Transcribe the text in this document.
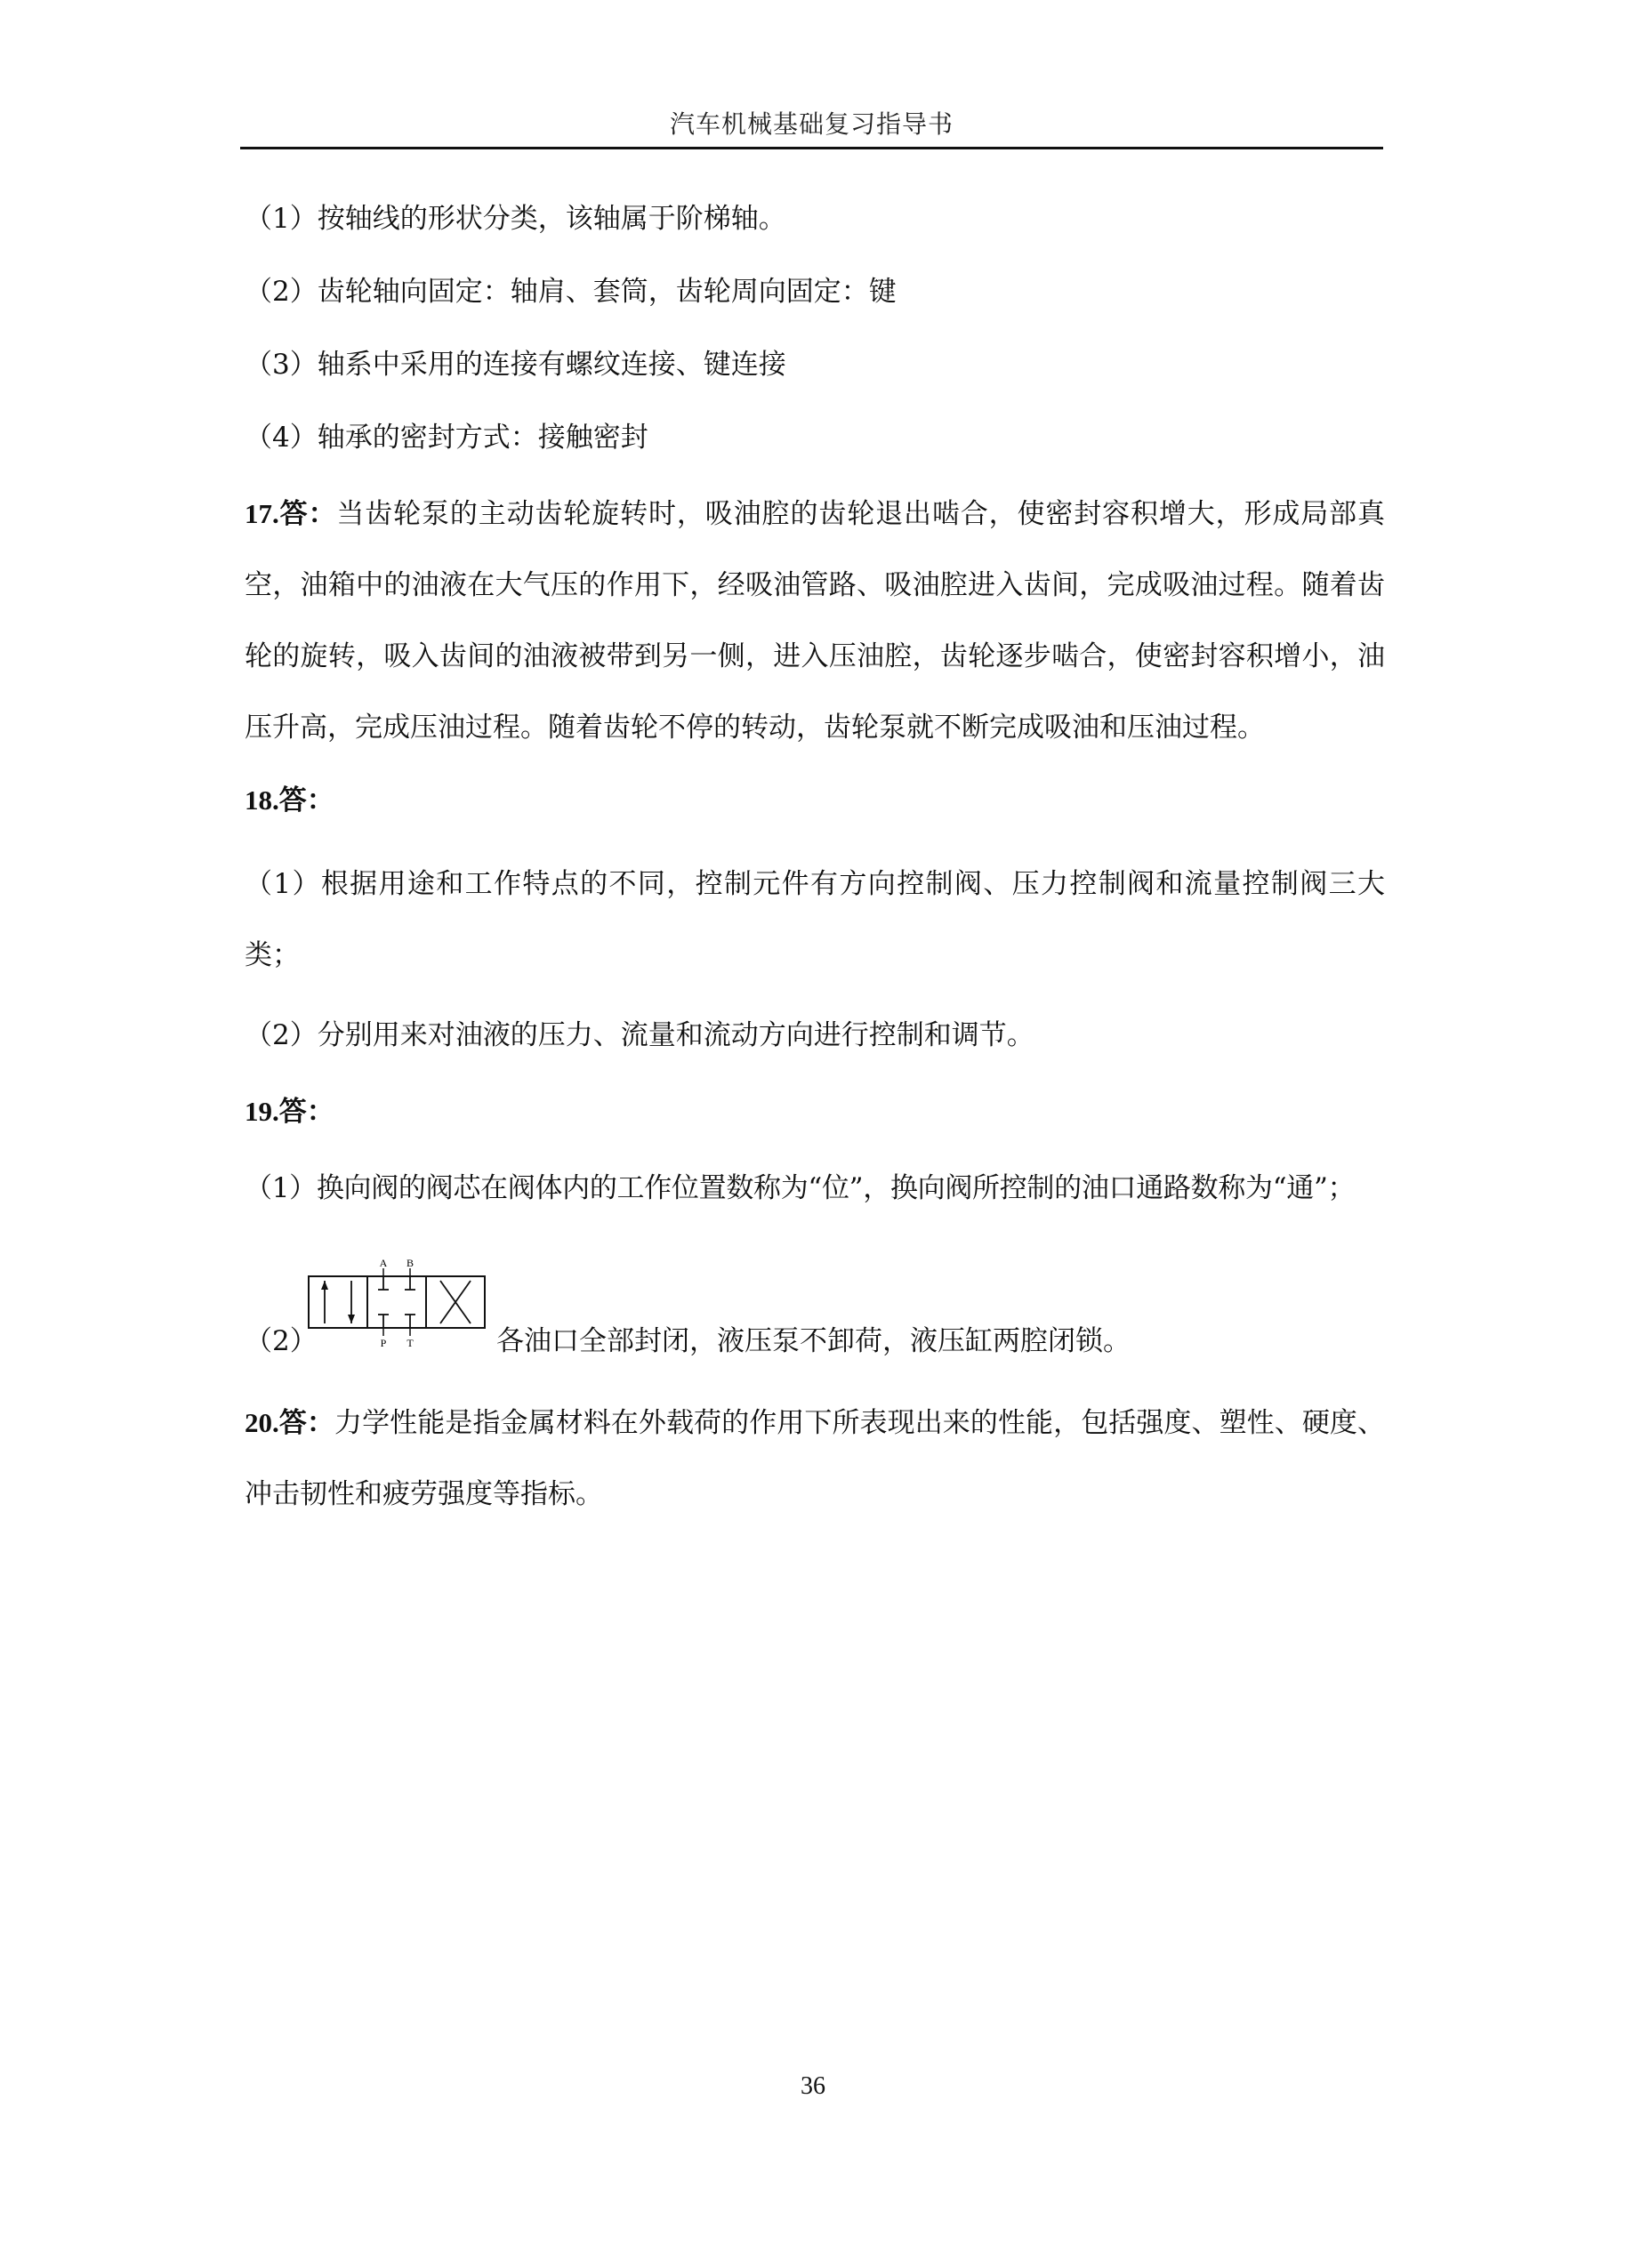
汽车机械基础复习指导书

（1）按轴线的形状分类，该轴属于阶梯轴。

（2）齿轮轴向固定：轴肩、套筒，齿轮周向固定：键

（3）轴系中采用的连接有螺纹连接、键连接

（4）轴承的密封方式：接触密封

17.答：当齿轮泵的主动齿轮旋转时，吸油腔的齿轮退出啮合，使密封容积增大，形成局部真空，油箱中的油液在大气压的作用下，经吸油管路、吸油腔进入齿间，完成吸油过程。随着齿轮的旋转，吸入齿间的油液被带到另一侧，进入压油腔，齿轮逐步啮合，使密封容积增小，油压升高，完成压油过程。随着齿轮不停的转动，齿轮泵就不断完成吸油和压油过程。

18.答：

（1）根据用途和工作特点的不同，控制元件有方向控制阀、压力控制阀和流量控制阀三大类；

（2）分别用来对油液的压力、流量和流动方向进行控制和调节。

19.答：

（1）换向阀的阀芯在阀体内的工作位置数称为“位”，换向阀所控制的油口通路数称为“通”；

（2）
A B
P T	各油口全部封闭，液压泵不卸荷，液压缸两腔闭锁。

20.答：力学性能是指金属材料在外载荷的作用下所表现出来的性能，包括强度、塑性、硬度、冲击韧性和疲劳强度等指标。

36
